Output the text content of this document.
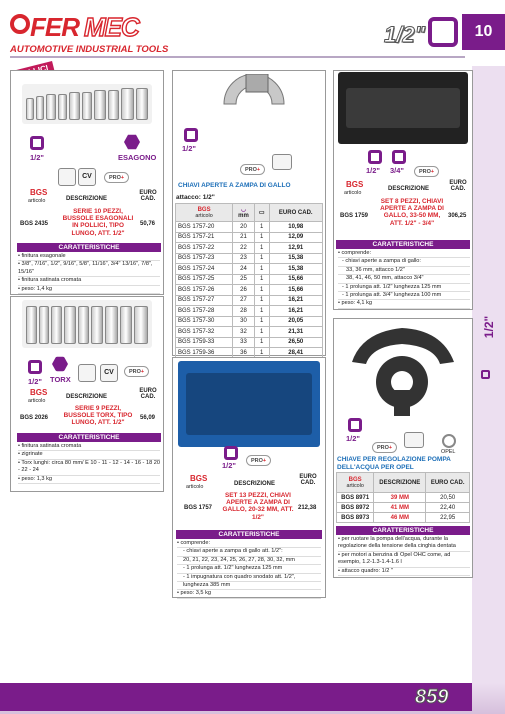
FER MEC
AUTOMOTIVE INDUSTRIAL TOOLS
1/2"	10
1/2"
859
1/2"	ESAGONO
CV	PRO +
BGS
articolo	DESCRIZIONE
EURO CAD.
BGS 2435
SERIE 10 PEZZI, BUSSOLE ESAGONALI IN POLLICI, TIPO LUNGO, ATT. 1/2"
50,76
CARATTERISTICHE
• finitura esagonale
• 3/8", 7/16", 1/2", 9/16", 5/8", 11/16", 3/4" 13/16", 7/8", 15/16"
• finitura satinata cromata
• peso: 1,4 kg
1/2" TORX
CV	PRO +
BGS
articolo
DESCRIZIONE
EURO CAD.
BGS 2026
SERIE 9 PEZZI, BUSSOLE TORX, TIPO LUNGO, ATT. 1/2"
56,09
CARATTERISTICHE
• finitura satinata cromata
• zigrinate
• Torx lunghi: circa 80 mm/ E 10 - 11 - 12 - 14 - 16 - 18 20 - 22 - 24
• peso: 1,3 kg
1/2"
PRO +
CHIAVI APERTE A ZAMPA DI GALLO
attacco: 1/2"
BGS
articolo	◡
mm	▭	EURO CAD.
BGS 1757-20	20	1	10,98
BGS 1757-21	21	1	12,09
BGS 1757-22	22	1	12,91
BGS 1757-23	23	1	15,38
BGS 1757-24	24	1	15,38
BGS 1757-25	25	1	15,66
BGS 1757-26	26	1	15,66
BGS 1757-27	27	1	16,21
BGS 1757-28	28	1	16,21
BGS 1757-30	30	1	20,05
BGS 1757-32	32	1	21,31
BGS 1759-33	33	1	26,50
BGS 1759-36	36	1	28,41
1/2"
PRO +
BGS
articolo	DESCRIZIONE
EURO CAD.
BGS 1757
SET 13 PEZZI, CHIAVI APERTE A ZAMPA DI GALLO, 20-32 MM, ATT. 1/2"
212,38
CARATTERISTICHE
• comprende:
- chiavi aperte a zampa di gallo att. 1/2":
20, 21, 22, 23, 24, 25, 26, 27, 28, 30, 32, mm
- 1 prolunga att. 1/2" lunghezza 125 mm
- 1 impugnatura con quadro snodato att. 1/2",
lunghezza 385 mm
• peso: 3,5 kg
1/2" 3/4"	PRO +
BGS
articolo
DESCRIZIONE
EURO CAD.
BGS 1759
SET 8 PEZZI, CHIAVI APERTE A ZAMPA DI GALLO, 33-50 MM, ATT. 1/2" - 3/4"
306,25
CARATTERISTICHE
• comprende:
- chiavi aperte a zampa di gallo:
33, 36 mm, attacco 1/2"
38, 41, 46, 50 mm, attacco 3/4"
- 1 prolunga att. 1/2" lunghezza 125 mm
- 1 prolunga att. 3/4" lunghezza 100 mm
• peso: 4,1 kg
1/2"
PRO +
OPEL
CHIAVE PER REGOLAZIONE POMPA DELL'ACQUA PER OPEL
BGS
articolo	DESCRIZIONE	EURO CAD.
BGS 8971	39 MM	20,50
BGS 8972	41 MM	22,40
BGS 8973	46 MM	22,95
CARATTERISTICHE
• per ruotare la pompa dell'acqua, durante la regolazione della tensione della cinghia dentata
• per motori a benzina di Opel OHC come, ad esempio, 1.2-1.3-1.4-1.6 l
• attacco quadro: 1/2 "
